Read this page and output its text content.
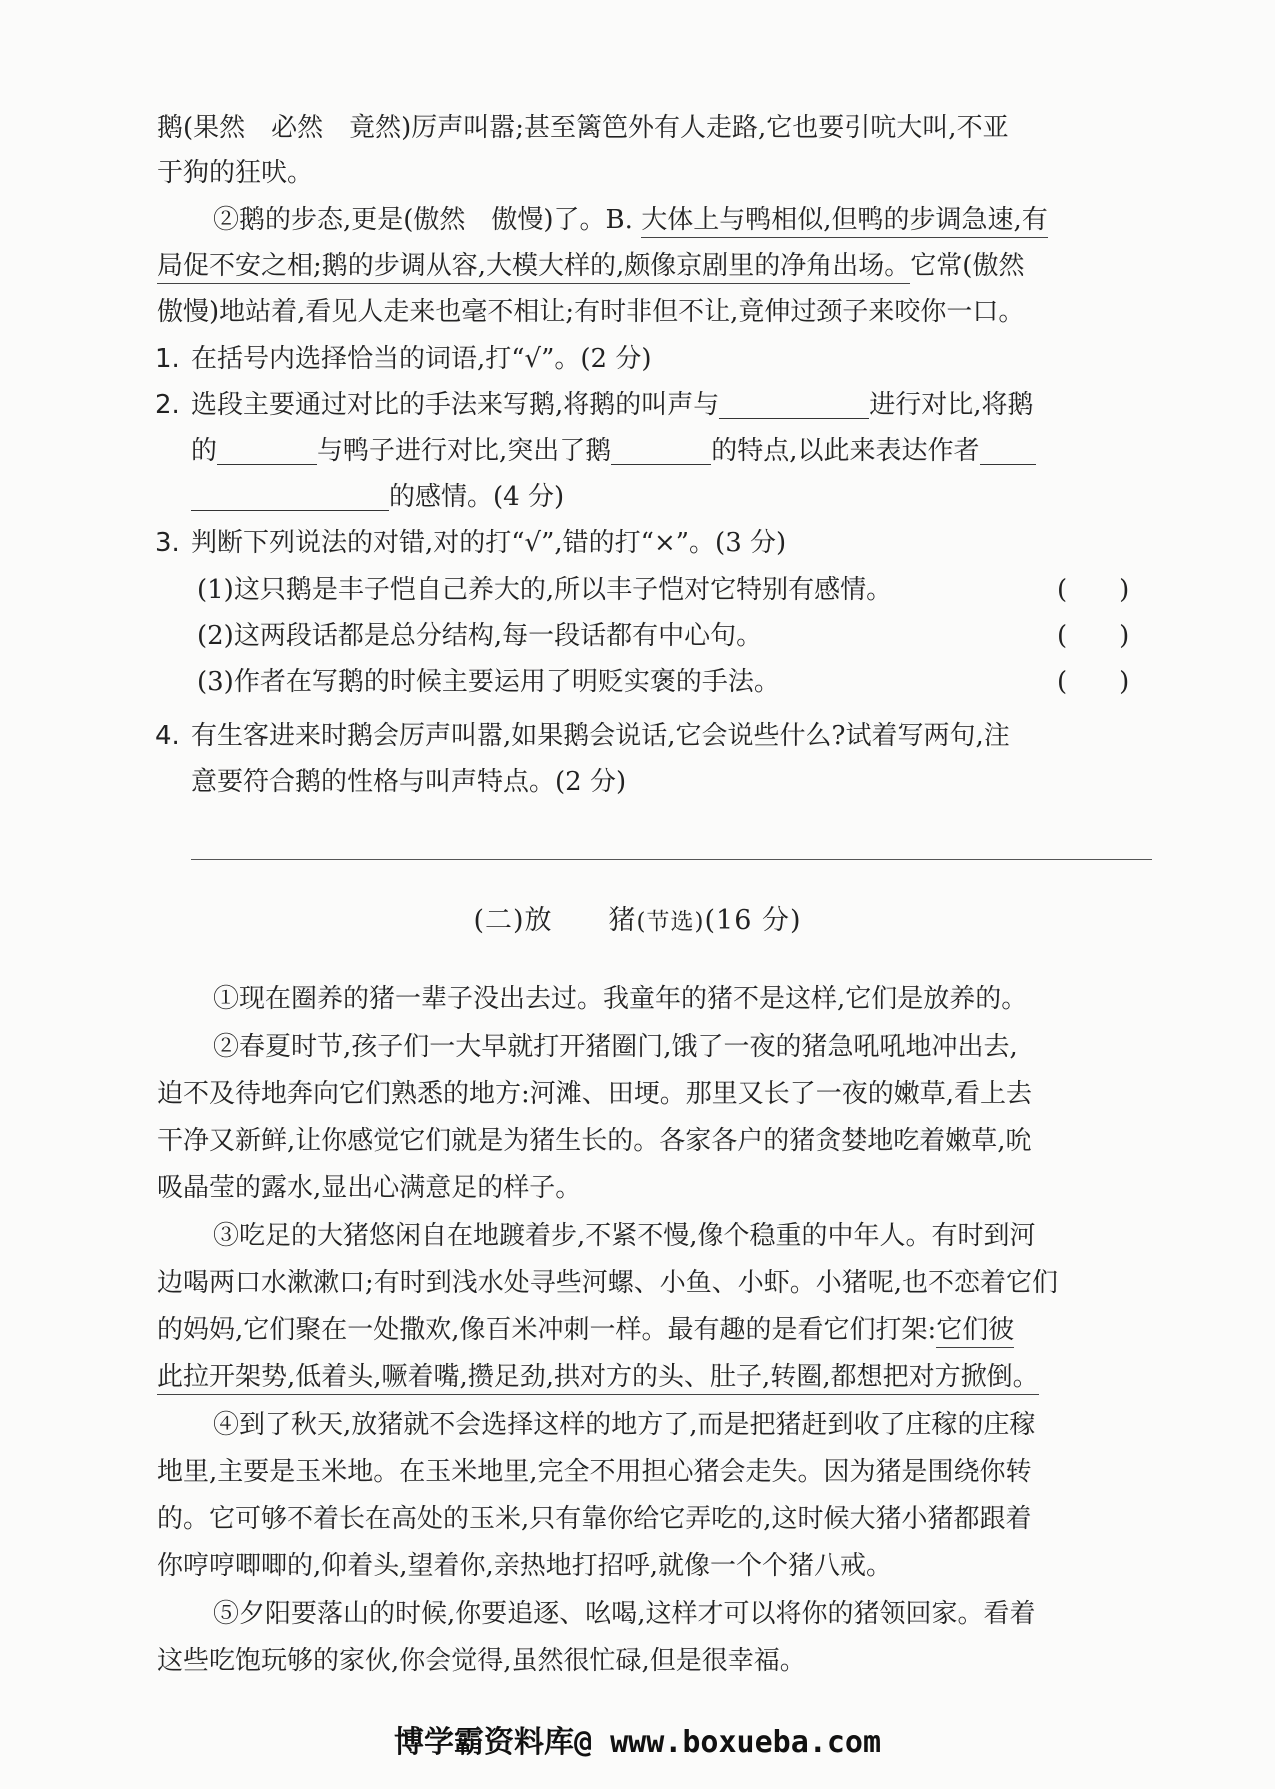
鹅(果然　必然　竟然)厉声叫嚣;甚至篱笆外有人走路,它也要引吭大叫,不亚
于狗的狂吠。
②鹅的步态,更是(傲然　傲慢)了。B. 大体上与鸭相似,但鸭的步调急速,有
局促不安之相;鹅的步调从容,大模大样的,颇像京剧里的净角出场。它常(傲然
傲慢)地站着,看见人走来也毫不相让;有时非但不让,竟伸过颈子来咬你一口。
1. 在括号内选择恰当的词语,打“√”。(2 分)
2. 选段主要通过对比的手法来写鹅,将鹅的叫声与	进行对比,将鹅
的	与鸭子进行对比,突出了鹅	的特点,以此来表达作者
的感情。(4 分)
3. 判断下列说法的对错,对的打“√”,错的打“×”。(3 分)
(1)这只鹅是丰子恺自己养大的,所以丰子恺对它特别有感情。	(　　)
(2)这两段话都是总分结构,每一段话都有中心句。	(　　)
(3)作者在写鹅的时候主要运用了明贬实褒的手法。	(　　)
4. 有生客进来时鹅会厉声叫嚣,如果鹅会说话,它会说些什么?试着写两句,注
意要符合鹅的性格与叫声特点。(2 分)
(二)放　　猪(节选)(16 分)
①现在圈养的猪一辈子没出去过。我童年的猪不是这样,它们是放养的。
②春夏时节,孩子们一大早就打开猪圈门,饿了一夜的猪急吼吼地冲出去,
迫不及待地奔向它们熟悉的地方:河滩、田埂。那里又长了一夜的嫩草,看上去
干净又新鲜,让你感觉它们就是为猪生长的。各家各户的猪贪婪地吃着嫩草,吮
吸晶莹的露水,显出心满意足的样子。
③吃足的大猪悠闲自在地踱着步,不紧不慢,像个稳重的中年人。有时到河
边喝两口水漱漱口;有时到浅水处寻些河螺、小鱼、小虾。小猪呢,也不恋着它们
的妈妈,它们聚在一处撒欢,像百米冲刺一样。最有趣的是看它们打架:它们彼
此拉开架势,低着头,噘着嘴,攒足劲,拱对方的头、肚子,转圈,都想把对方掀倒。
④到了秋天,放猪就不会选择这样的地方了,而是把猪赶到收了庄稼的庄稼
地里,主要是玉米地。在玉米地里,完全不用担心猪会走失。因为猪是围绕你转
的。它可够不着长在高处的玉米,只有靠你给它弄吃的,这时候大猪小猪都跟着
你哼哼唧唧的,仰着头,望着你,亲热地打招呼,就像一个个猪八戒。
⑤夕阳要落山的时候,你要追逐、吆喝,这样才可以将你的猪领回家。看着
这些吃饱玩够的家伙,你会觉得,虽然很忙碌,但是很幸福。
博学霸资料库@ www.boxueba.com
